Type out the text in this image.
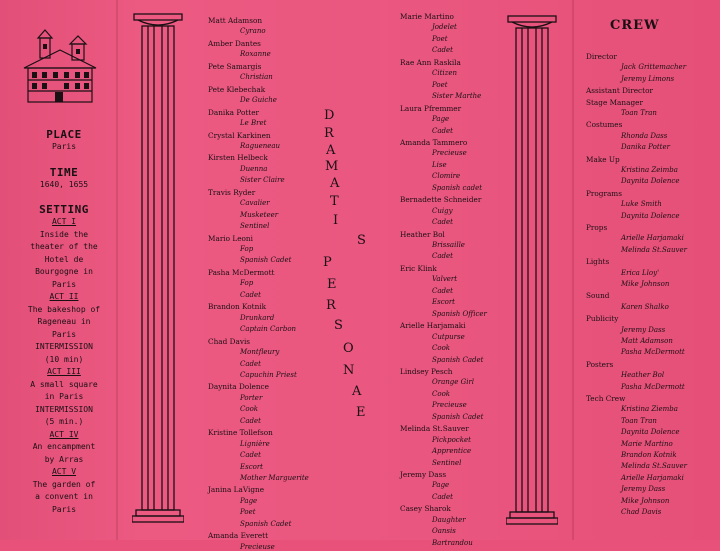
PLACE
Paris
TIME
1640, 1655
SETTING
ACT I
Inside the
theater of the
Hotel de
Bourgogne in
Paris
ACT II
The bakeshop of
Rageneau in
Paris
INTERMISSION
(10 min)
ACT III
A small square
in Paris
INTERMISSION
(5 min.)
ACT IV
An encampment
by Arras
ACT V
The garden of
a convent in
Paris
Matt Adamson
Cyrano
Amber Dantes
Roxanne
Pete Samargis
Christian
Pete Klebechak
De Guiche
Danika Potter
Le Bret
Crystal Karkinen
Ragueneau
Kirsten Helbeck
Duenna
Sister Claire
Travis Ryder
Cavalier
Musketeer
Sentinel
Mario Leoni
Fop
Spanish Cadet
Pasha McDermott
Fop
Cadet
Brandon Kotnik
Drunkard
Captain Carbon
Chad Davis
Montfleury
Cadet
Capuchin Priest
Daynita Dolence
Porter
Cook
Cadet
Kristine Tollefson
Lignière
Cadet
Escort
Mother Marguerite
Janina LaVigne
Page
Poet
Spanish Cadet
Amanda Everett
Precieuse
D
R
A
M
A
T
I
S
P
E
R
S
O
N
A
E
Marie Martino
Jodelet
Poet
Cadet
Rae Ann Raskila
Citizen
Poet
Sister Marthe
Laura Pfremmer
Page
Cadet
Amanda Tammero
Precieuse
Lise
Clomire
Spanish cadet
Bernadette Schneider
Cuigy
Cadet
Heather Bol
Brissaille
Cadet
Eric Klink
Valvert
Cadet
Escort
Spanish Officer
Arielle Harjamaki
Cutpurse
Cook
Spanish Cadet
Lindsey Pesch
Orange Girl
Cook
Precieuse
Spanish Cadet
Melinda St.Sauver
Pickpocket
Apprentice
Sentinel
Jeremy Dass
Page
Cadet
Casey Sharok
Daughter
Oansis
Bartrandou
CREW
Director
Jack Grittemacher
Jeremy Limons
Assistant Director
Stage Manager
Toan Tran
Costumes
Rhonda Dass
Danika Potter
Make Up
Kristina Zeimba
Daynita Dolence
Programs
Luke Smith
Daynita Dolence
Props
Arielle Harjamaki
Melinda St.Sauver
Lights
Erica Lloy'
Mike Johnson
Sound
Karen Shalko
Publicity
Jeremy Dass
Matt Adamson
Pasha McDermott
Posters
Heather Bol
Pasha McDermott
Tech Crew
Kristina Ziemba
Toan Tran
Daynita Dolence
Marie Martino
Brandon Kotnik
Melinda St.Sauver
Arielle Harjamaki
Jeremy Dass
Mike Johnson
Chad Davis
